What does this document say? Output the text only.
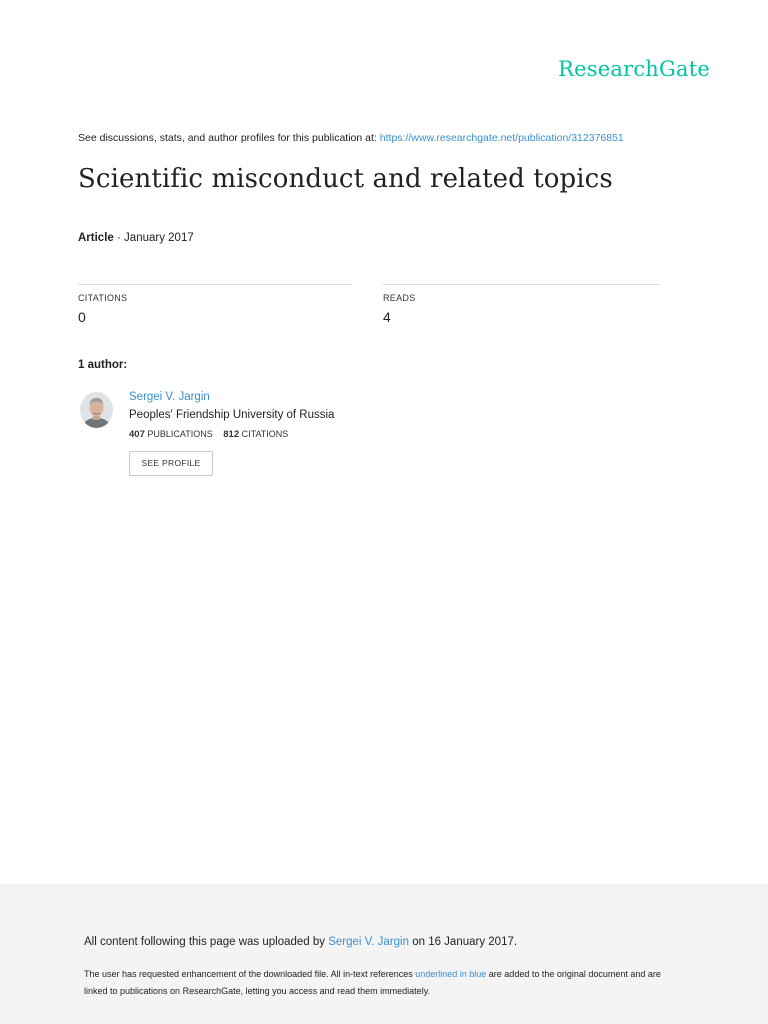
ResearchGate
See discussions, stats, and author profiles for this publication at: https://www.researchgate.net/publication/312376851
Scientific misconduct and related topics
Article · January 2017
CITATIONS
0
READS
4
1 author:
Sergei V. Jargin
Peoples' Friendship University of Russia
407 PUBLICATIONS 812 CITATIONS
SEE PROFILE
All content following this page was uploaded by Sergei V. Jargin on 16 January 2017.
The user has requested enhancement of the downloaded file. All in-text references underlined in blue are added to the original document and are linked to publications on ResearchGate, letting you access and read them immediately.
